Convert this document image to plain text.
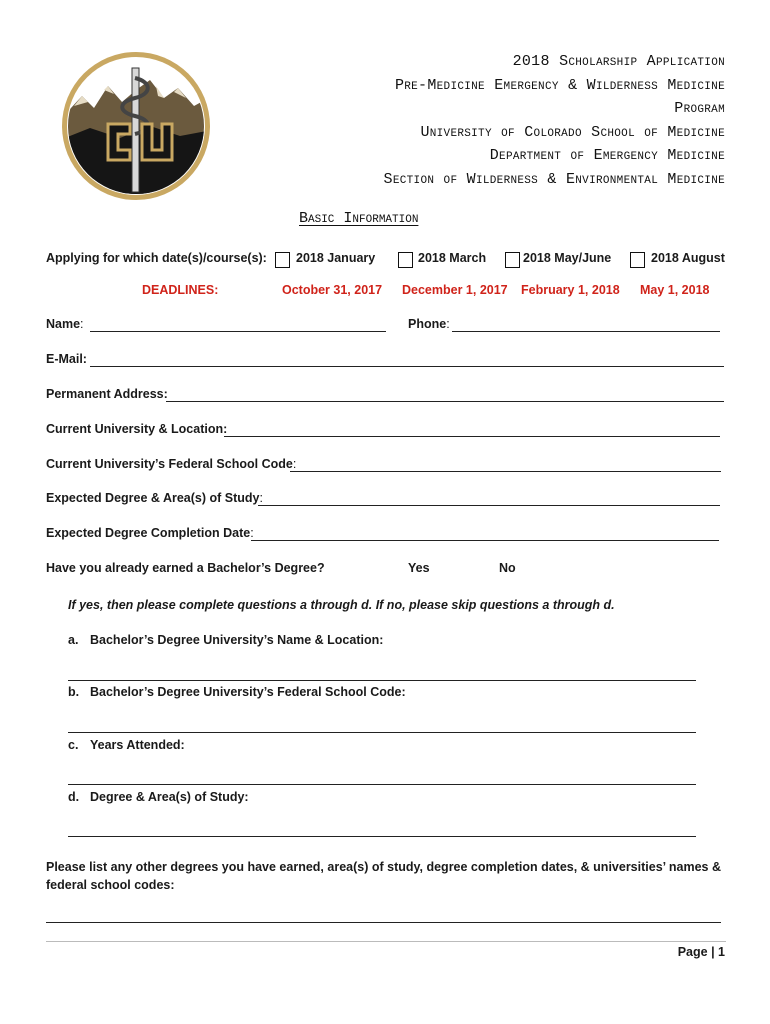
2018 Scholarship Application
Pre-Medicine Emergency & Wilderness Medicine
Program
University of Colorado School of Medicine
Department of Emergency Medicine
Section of Wilderness & Environmental Medicine
Basic Information
Applying for which date(s)/course(s): 2018 January	2018 March	2018 May/June	2018 August
DEADLINES:	October 31, 2017 December 1, 2017 February 1, 2018 May 1, 2018
Name:	Phone:
E-Mail:
Permanent Address:
Current University & Location:
Current University’s Federal School Code:
Expected Degree & Area(s) of Study:
Expected Degree Completion Date:
Have you already earned a Bachelor’s Degree?	Yes	No
If yes, then please complete questions a through d. If no, please skip questions a through d.
a. Bachelor’s Degree University’s Name & Location:
b. Bachelor’s Degree University’s Federal School Code:
c. Years Attended:
d. Degree & Area(s) of Study:
Please list any other degrees you have earned, area(s) of study, degree completion dates, & universities’ names & federal school codes:
Page | 1
